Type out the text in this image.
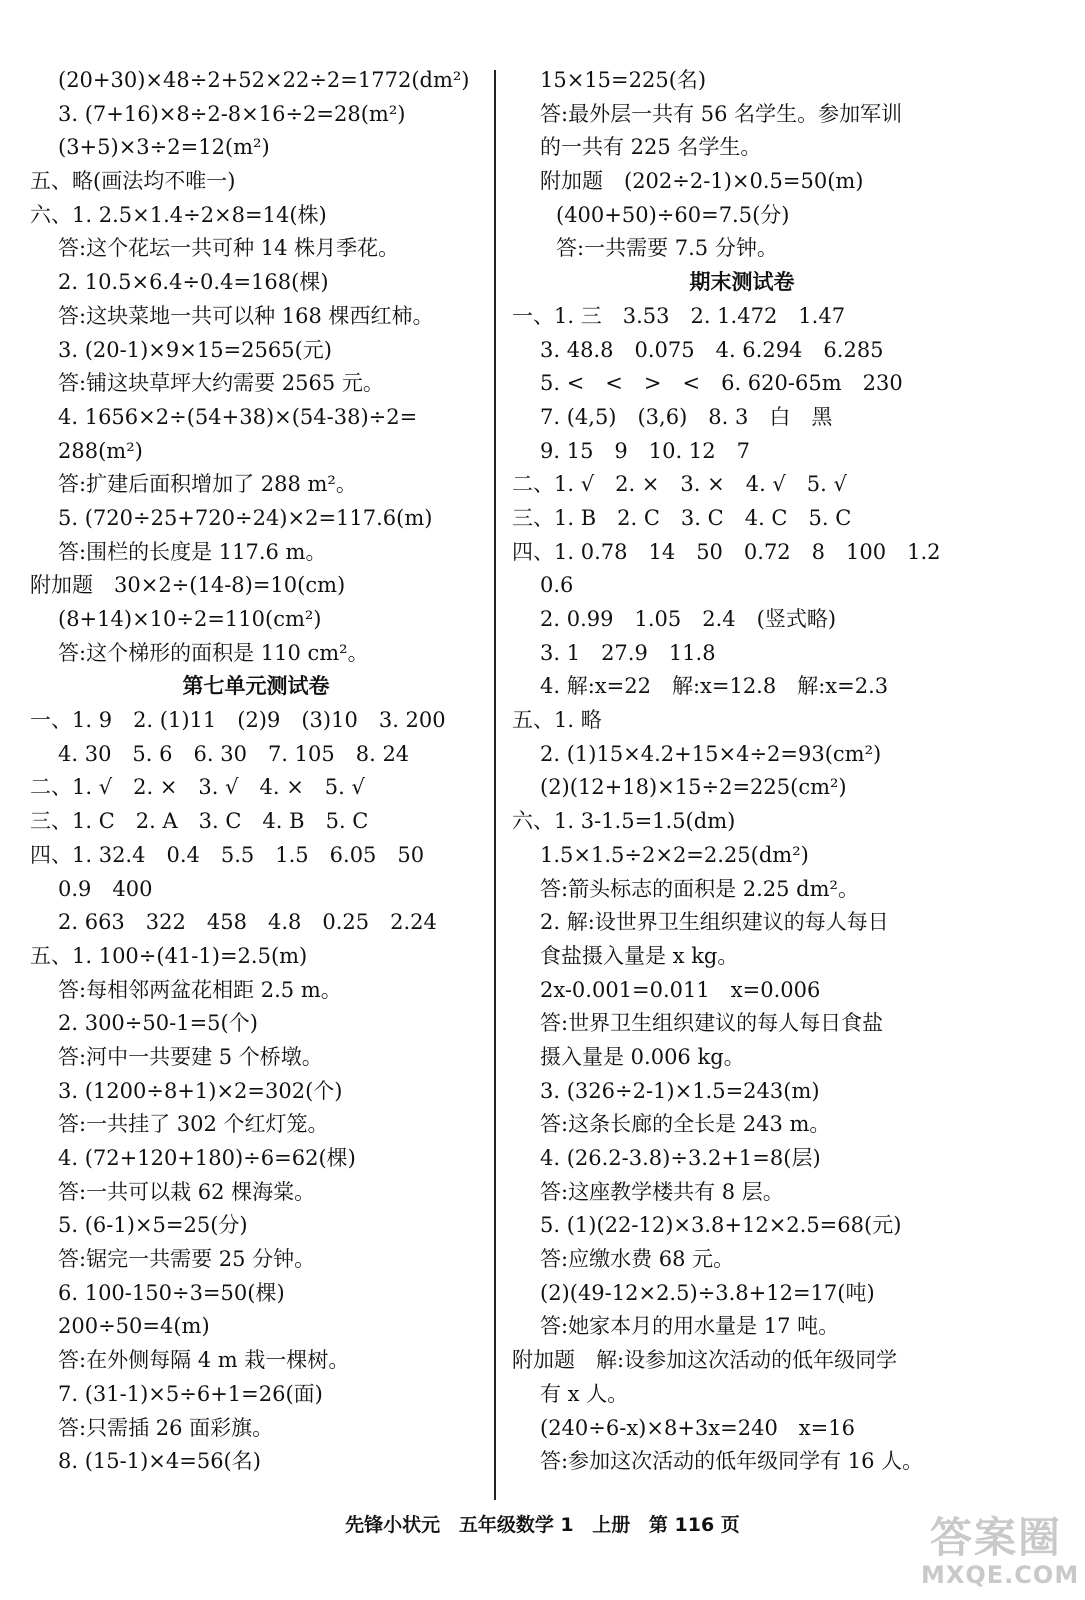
(20+30)×48÷2+52×22÷2=1772(dm²)
3. (7+16)×8÷2-8×16÷2=28(m²)
(3+5)×3÷2=12(m²)
五、略(画法均不唯一)
六、1. 2.5×1.4÷2×8=14(株)
答:这个花坛一共可种 14 株月季花。
2. 10.5×6.4÷0.4=168(棵)
答:这块菜地一共可以种 168 棵西红柿。
3. (20-1)×9×15=2565(元)
答:铺这块草坪大约需要 2565 元。
4. 1656×2÷(54+38)×(54-38)÷2=
288(m²)
答:扩建后面积增加了 288 m²。
5. (720÷25+720÷24)×2=117.6(m)
答:围栏的长度是 117.6 m。
附加题　30×2÷(14-8)=10(cm)
(8+14)×10÷2=110(cm²)
答:这个梯形的面积是 110 cm²。
第七单元测试卷
一、1. 9　2. (1)11　(2)9　(3)10　3. 200
4. 30　5. 6　6. 30　7. 105　8. 24
二、1. √　2. ×　3. √　4. ×　5. √
三、1. C　2. A　3. C　4. B　5. C
四、1. 32.4　0.4　5.5　1.5　6.05　50
0.9　400
2. 663　322　458　4.8　0.25　2.24
五、1. 100÷(41-1)=2.5(m)
答:每相邻两盆花相距 2.5 m。
2. 300÷50-1=5(个)
答:河中一共要建 5 个桥墩。
3. (1200÷8+1)×2=302(个)
答:一共挂了 302 个红灯笼。
4. (72+120+180)÷6=62(棵)
答:一共可以栽 62 棵海棠。
5. (6-1)×5=25(分)
答:锯完一共需要 25 分钟。
6. 100-150÷3=50(棵)
200÷50=4(m)
答:在外侧每隔 4 m 栽一棵树。
7. (31-1)×5÷6+1=26(面)
答:只需插 26 面彩旗。
8. (15-1)×4=56(名)
15×15=225(名)
答:最外层一共有 56 名学生。参加军训
的一共有 225 名学生。
附加题　(202÷2-1)×0.5=50(m)
(400+50)÷60=7.5(分)
答:一共需要 7.5 分钟。
期末测试卷
一、1. 三　3.53　2. 1.472　1.47
3. 48.8　0.075　4. 6.294　6.285
5. <　<　>　<　6. 620-65m　230
7. (4,5)　(3,6)　8. 3　白　黑
9. 15　9　10. 12　7
二、1. √　2. ×　3. ×　4. √　5. √
三、1. B　2. C　3. C　4. C　5. C
四、1. 0.78　14　50　0.72　8　100　1.2
0.6
2. 0.99　1.05　2.4　(竖式略)
3. 1　27.9　11.8
4. 解:x=22　解:x=12.8　解:x=2.3
五、1. 略
2. (1)15×4.2+15×4÷2=93(cm²)
(2)(12+18)×15÷2=225(cm²)
六、1. 3-1.5=1.5(dm)
1.5×1.5÷2×2=2.25(dm²)
答:箭头标志的面积是 2.25 dm²。
2. 解:设世界卫生组织建议的每人每日
食盐摄入量是 x kg。
2x-0.001=0.011　x=0.006
答:世界卫生组织建议的每人每日食盐
摄入量是 0.006 kg。
3. (326÷2-1)×1.5=243(m)
答:这条长廊的全长是 243 m。
4. (26.2-3.8)÷3.2+1=8(层)
答:这座教学楼共有 8 层。
5. (1)(22-12)×3.8+12×2.5=68(元)
答:应缴水费 68 元。
(2)(49-12×2.5)÷3.8+12=17(吨)
答:她家本月的用水量是 17 吨。
附加题　解:设参加这次活动的低年级同学
有 x 人。
(240÷6-x)×8+3x=240　x=16
答:参加这次活动的低年级同学有 16 人。
先锋小状元 五年级数学 1 上册 第 116 页	答案圈
MXQE.COM
